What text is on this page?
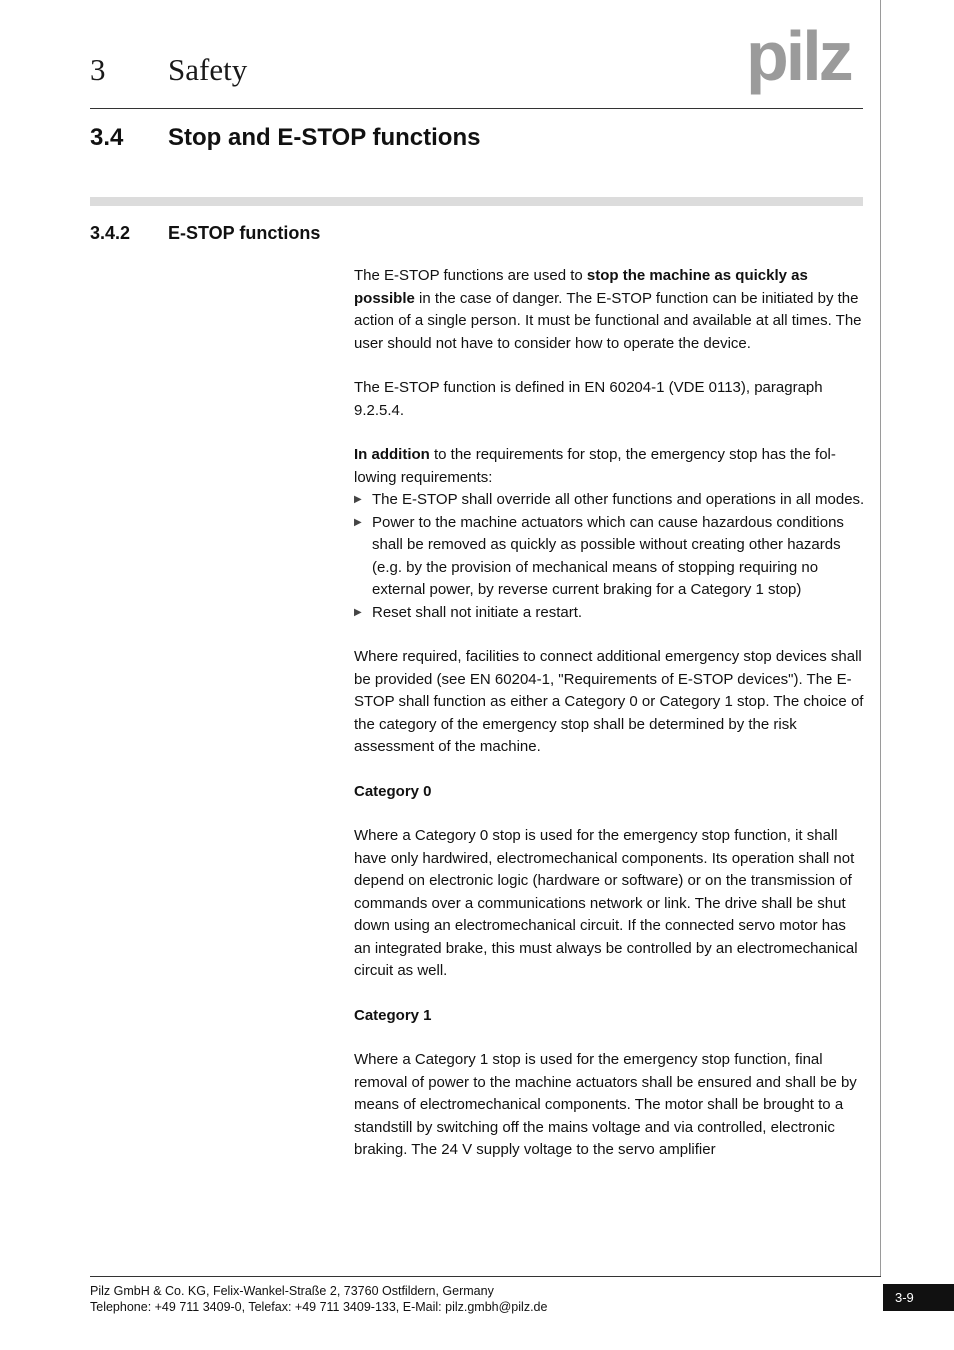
3 Safety	pilz
3.4 Stop and E-STOP functions
3.4.2 E-STOP functions

The E-STOP functions are used to stop the machine as quickly as possible in the case of danger. The E-STOP function can be initiated by the action of a single person. It must be functional and available at all times. The user should not have to consider how to operate the device.

The E-STOP function is defined in EN 60204-1 (VDE 0113), paragraph 9.2.5.4.

In addition to the requirements for stop, the emergency stop has the following requirements:
▶ The E-STOP shall override all other functions and operations in all modes.
▶ Power to the machine actuators which can cause hazardous conditions shall be removed as quickly as possible without creating other hazards (e.g. by the provision of mechanical means of stopping requiring no external power, by reverse current braking for a Category 1 stop)
▶ Reset shall not initiate a restart.

Where required, facilities to connect additional emergency stop devices shall be provided (see EN 60204-1, "Requirements of E-STOP devices"). The E-STOP shall function as either a Category 0 or Category 1 stop. The choice of the category of the emergency stop shall be determined by the risk assessment of the machine.

Category 0

Where a Category 0 stop is used for the emergency stop function, it shall have only hardwired, electromechanical components. Its operation shall not depend on electronic logic (hardware or software) or on the transmission of commands over a communications network or link. The drive shall be shut down using an electromechanical circuit. If the connected servo motor has an integrated brake, this must always be controlled by an electromechanical circuit as well.

Category 1

Where a Category 1 stop is used for the emergency stop function, final removal of power to the machine actuators shall be ensured and shall be by means of electromechanical components. The motor shall be brought to a standstill by switching off the mains voltage and via controlled, electronic braking. The 24 V supply voltage to the servo amplifier

Pilz GmbH & Co. KG, Felix-Wankel-Straße 2, 73760 Ostfildern, Germany
Telephone: +49 711 3409-0, Telefax: +49 711 3409-133, E-Mail: pilz.gmbh@pilz.de
3-9
